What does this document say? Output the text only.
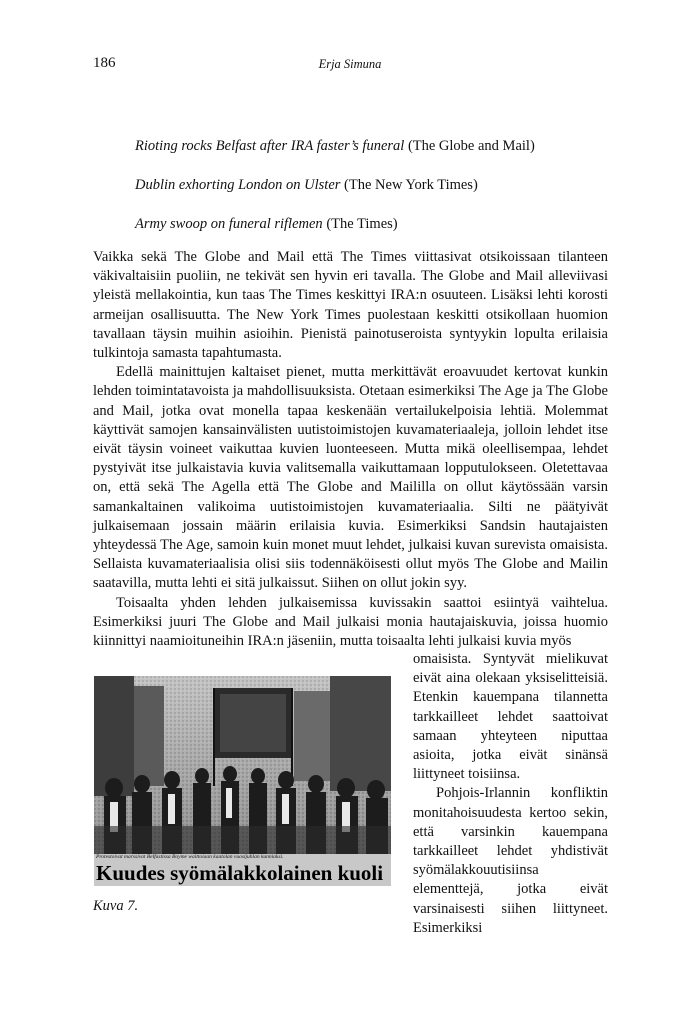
186	Erja Simuna

Rioting rocks Belfast after IRA faster’s funeral (The Globe and Mail)

Dublin exhorting London on Ulster (The New York Times)

Army swoop on funeral riflemen (The Times)

Vaikka sekä The Globe and Mail että The Times viittasivat otsikoissaan tilanteen väkivaltaisiin puoliin, ne tekivät sen hyvin eri tavalla. The Globe and Mail alleviivasi yleistä mellakointia, kun taas The Times keskittyi IRA:n osuuteen. Lisäksi lehti korosti armeijan osallisuutta. The New York Times puolestaan keskitti otsikollaan huomion tavallaan täysin muihin asioihin. Pienistä painotuseroista syntyykin lopulta erilaisia tulkintoja samasta tapahtumasta.

Edellä mainittujen kaltaiset pienet, mutta merkittävät eroavuudet kertovat kunkin lehden toimintatavoista ja mahdollisuuksista. Otetaan esimerkiksi The Age ja The Globe and Mail, jotka ovat monella tapaa keskenään vertailukelpoisia lehtiä. Molemmat käyttivät samojen kansainvälisten uutistoimistojen kuvamateriaaleja, jolloin lehdet itse eivät täysin voineet vaikuttaa kuvien luonteeseen. Mutta mikä oleellisempaa, lehdet pystyivät itse julkaistavia kuvia valitsemalla vaikuttamaan lopputulokseen. Oletettavaa on, että sekä The Agella että The Globe and Maililla on ollut käytössään varsin samankaltainen valikoima uutistoimistojen kuvamateriaalia. Silti ne päätyivät julkaisemaan jossain määrin erilaisia kuvia. Esimerkiksi Sandsin hautajaisten yhteydessä The Age, samoin kuin monet muut lehdet, julkaisi kuvan surevista omaisista. Sellaista kuvamateriaalisia olisi siis todennäköisesti ollut myös The Globe and Mailin saatavilla, mutta lehti ei sitä julkaissut. Siihen on ollut jokin syy.

Toisaalta yhden lehden julkaisemissa kuvissakin saattoi esiintyä vaihtelua. Esimerkiksi juuri The Globe and Mail julkaisi monia hautajaiskuvia, joissa huomio kiinnittyi naamioituneihin IRA:n jäseniin, mutta toisaalta lehti julkaisi kuvia myös

Protestoivat marssivat Belfastissa Boyme waittoiaan kaatolan vuosijuhlan kunniaksi.
Kuudes syömälakkolainen kuoli

omaisista. Syntyvät mielikuvat eivät aina olekaan yksiselitteisiä. Etenkin kauempana tilannetta tarkkailleet lehdet saattoivat samaan yhteyteen niputtaa asioita, jotka eivät sinänsä liittyneet toisiinsa.

Pohjois-Irlannin konfliktin monitahoisuudesta kertoo sekin, että varsinkin kauempana tarkkailleet lehdet yhdistivät syömälakkouutisiinsa elementtejä, jotka eivät varsinaisesti siihen liittyneet. Esimerkiksi

Kuva 7.
